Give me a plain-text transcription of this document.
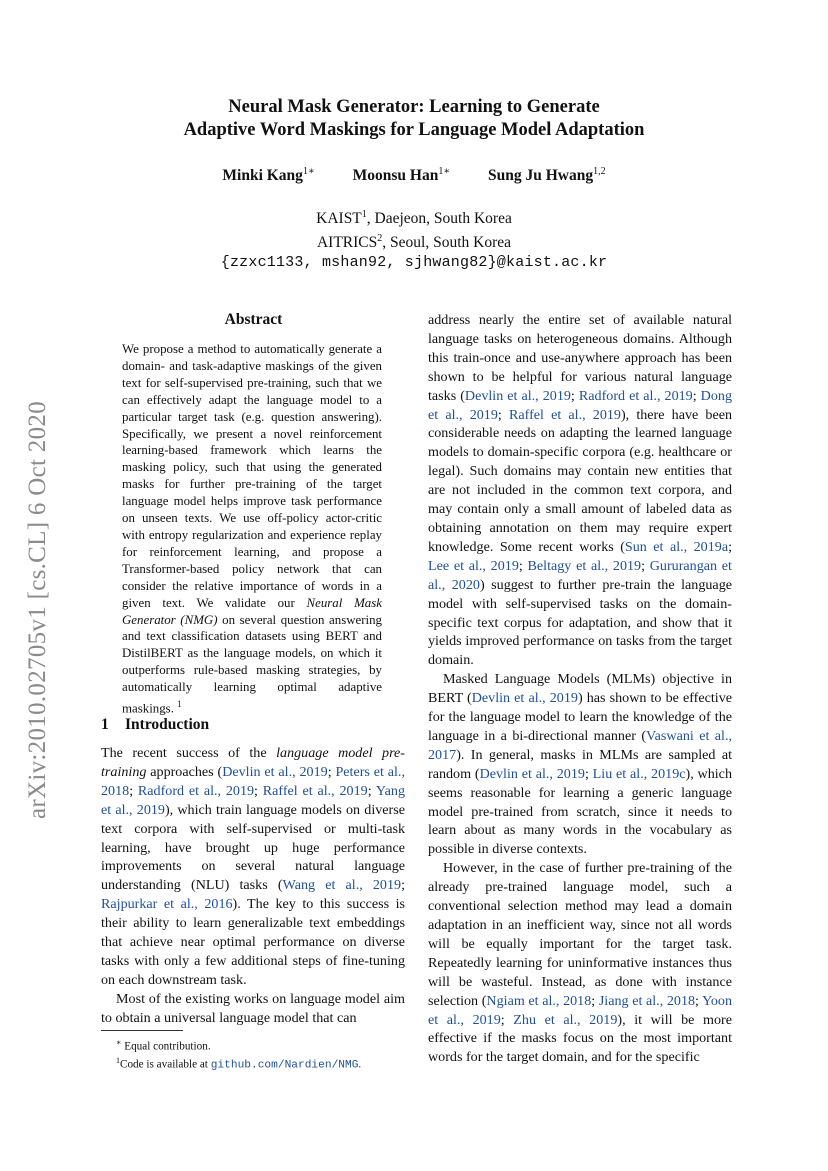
arXiv:2010.02705v1 [cs.CL] 6 Oct 2020
Neural Mask Generator: Learning to Generate
Adaptive Word Maskings for Language Model Adaptation
Minki Kang$^{1∗}$ Moonsu Han$^{1∗}$ Sung Ju Hwang$^{1,2}$
KAIST$^1$, Daejeon, South Korea
AITRICS$^2$, Seoul, South Korea
{zzxc1133, mshan92, sjhwang82}@kaist.ac.kr
Abstract
We propose a method to automatically generate a domain- and task-adaptive maskings of the given text for self-supervised pre-training, such that we can effectively adapt the language model to a particular target task (e.g. question answering). Specifically, we present a novel reinforcement learning-based framework which learns the masking policy, such that using the generated masks for further pre-training of the target language model helps improve task performance on unseen texts. We use off-policy actor-critic with entropy regularization and experience replay for reinforcement learning, and propose a Transformer-based policy network that can consider the relative importance of words in a given text. We validate our Neural Mask Generator (NMG) on several question answering and text classification datasets using BERT and DistilBERT as the language models, on which it outperforms rule-based masking strategies, by automatically learning optimal adaptive maskings. $^1$
1 Introduction

The recent success of the language model pre-training approaches (Devlin et al., 2019; Peters et al., 2018; Radford et al., 2019; Raffel et al., 2019; Yang et al., 2019), which train language models on diverse text corpora with self-supervised or multi-task learning, have brought up huge performance improvements on several natural language understanding (NLU) tasks (Wang et al., 2019; Rajpurkar et al., 2016). The key to this success is their ability to learn generalizable text embeddings that achieve near optimal performance on diverse tasks with only a few additional steps of fine-tuning on each downstream task.

Most of the existing works on language model aim to obtain a universal language model that can

∗ Equal contribution.
$^1$Code is available at github.com/Nardien/NMG.

address nearly the entire set of available natural language tasks on heterogeneous domains. Although this train-once and use-anywhere approach has been shown to be helpful for various natural language tasks (Devlin et al., 2019; Radford et al., 2019; Dong et al., 2019; Raffel et al., 2019), there have been considerable needs on adapting the learned language models to domain-specific corpora (e.g. healthcare or legal). Such domains may contain new entities that are not included in the common text corpora, and may contain only a small amount of labeled data as obtaining annotation on them may require expert knowledge. Some recent works (Sun et al., 2019a; Lee et al., 2019; Beltagy et al., 2019; Gururangan et al., 2020) suggest to further pre-train the language model with self-supervised tasks on the domain-specific text corpus for adaptation, and show that it yields improved performance on tasks from the target domain.

Masked Language Models (MLMs) objective in BERT (Devlin et al., 2019) has shown to be effective for the language model to learn the knowledge of the language in a bi-directional manner (Vaswani et al., 2017). In general, masks in MLMs are sampled at random (Devlin et al., 2019; Liu et al., 2019c), which seems reasonable for learning a generic language model pre-trained from scratch, since it needs to learn about as many words in the vocabulary as possible in diverse contexts.

However, in the case of further pre-training of the already pre-trained language model, such a conventional selection method may lead a domain adaptation in an inefficient way, since not all words will be equally important for the target task. Repeatedly learning for uninformative instances thus will be wasteful. Instead, as done with instance selection (Ngiam et al., 2018; Jiang et al., 2018; Yoon et al., 2019; Zhu et al., 2019), it will be more effective if the masks focus on the most important words for the target domain, and for the specific
